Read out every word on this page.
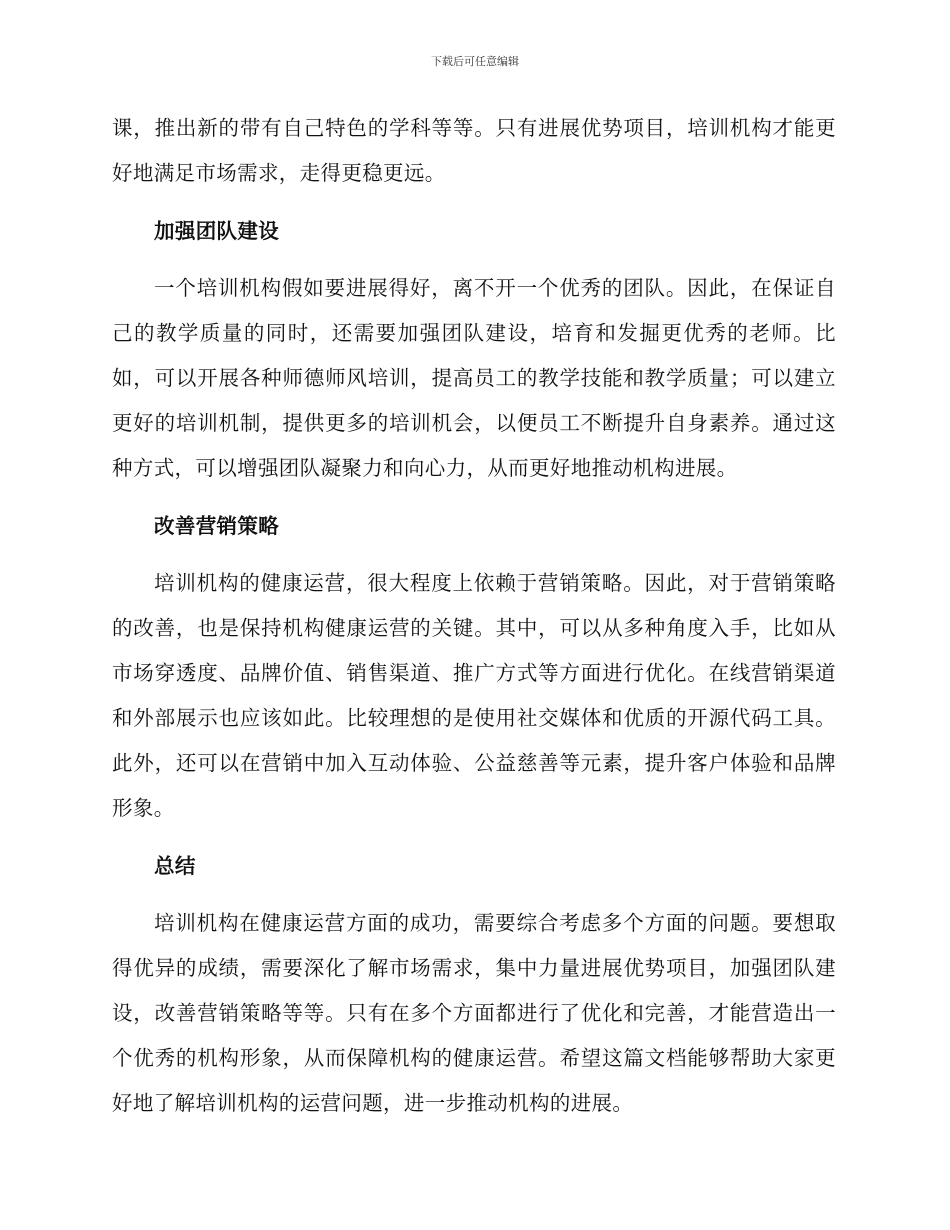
下载后可任意编辑

课，推出新的带有自己特色的学科等等。只有进展优势项目，培训机构才能更好地满足市场需求，走得更稳更远。

加强团队建设

一个培训机构假如要进展得好，离不开一个优秀的团队。因此，在保证自己的教学质量的同时，还需要加强团队建设，培育和发掘更优秀的老师。比如，可以开展各种师德师风培训，提高员工的教学技能和教学质量；可以建立更好的培训机制，提供更多的培训机会，以便员工不断提升自身素养。通过这种方式，可以增强团队凝聚力和向心力，从而更好地推动机构进展。

改善营销策略

培训机构的健康运营，很大程度上依赖于营销策略。因此，对于营销策略的改善，也是保持机构健康运营的关键。其中，可以从多种角度入手，比如从市场穿透度、品牌价值、销售渠道、推广方式等方面进行优化。在线营销渠道和外部展示也应该如此。比较理想的是使用社交媒体和优质的开源代码工具。此外，还可以在营销中加入互动体验、公益慈善等元素，提升客户体验和品牌形象。

总结

培训机构在健康运营方面的成功，需要综合考虑多个方面的问题。要想取得优异的成绩，需要深化了解市场需求，集中力量进展优势项目，加强团队建设，改善营销策略等等。只有在多个方面都进行了优化和完善，才能营造出一个优秀的机构形象，从而保障机构的健康运营。希望这篇文档能够帮助大家更好地了解培训机构的运营问题，进一步推动机构的进展。
